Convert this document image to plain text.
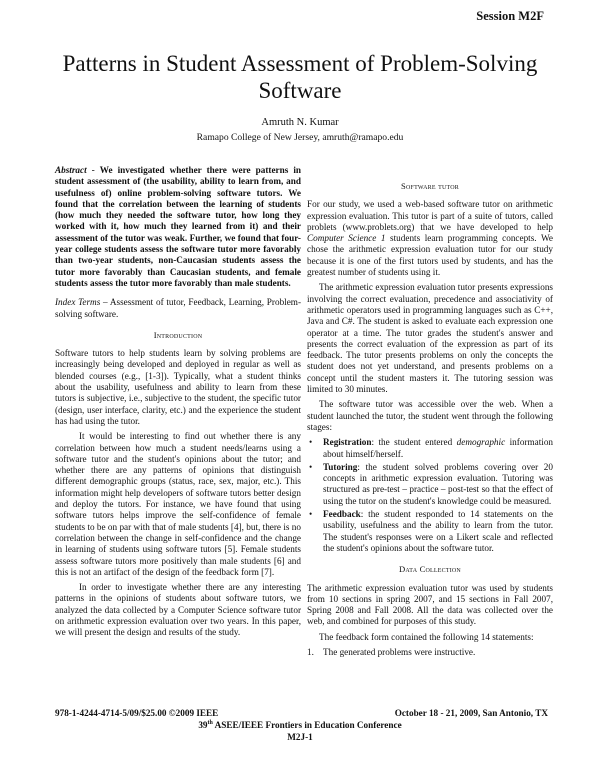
Session M2F
Patterns in Student Assessment of Problem-Solving Software
Amruth N. Kumar
Ramapo College of New Jersey, amruth@ramapo.edu

Abstract - We investigated whether there were patterns in student assessment of (the usability, ability to learn from, and usefulness of) online problem-solving software tutors. We found that the correlation between the learning of students (how much they needed the software tutor, how long they worked with it, how much they learned from it) and their assessment of the tutor was weak. Further, we found that four-year college students assess the software tutor more favorably than two-year students, non-Caucasian students assess the tutor more favorably than Caucasian students, and female students assess the tutor more favorably than male students.

Index Terms – Assessment of tutor, Feedback, Learning, Problem-solving software.

Introduction

Software tutors to help students learn by solving problems are increasingly being developed and deployed in regular as well as blended courses (e.g., [1-3]). Typically, what a student thinks about the usability, usefulness and ability to learn from these tutors is subjective, i.e., subjective to the student, the specific tutor (design, user interface, clarity, etc.) and the experience the student has had using the tutor.

It would be interesting to find out whether there is any correlation between how much a student needs/learns using a software tutor and the student's opinions about the tutor; and whether there are any patterns of opinions that distinguish different demographic groups (status, race, sex, major, etc.). This information might help developers of software tutors better design and deploy the tutors. For instance, we have found that using software tutors helps improve the self-confidence of female students to be on par with that of male students [4], but, there is no correlation between the change in self-confidence and the change in learning of students using software tutors [5]. Female students assess software tutors more positively than male students [6] and this is not an artifact of the design of the feedback form [7].

In order to investigate whether there are any interesting patterns in the opinions of students about software tutors, we analyzed the data collected by a Computer Science software tutor on arithmetic expression evaluation over two years. In this paper, we will present the design and results of the study.

Software tutor

For our study, we used a web-based software tutor on arithmetic expression evaluation. This tutor is part of a suite of tutors, called problets (www.problets.org) that we have developed to help Computer Science 1 students learn programming concepts. We chose the arithmetic expression evaluation tutor for our study because it is one of the first tutors used by students, and has the greatest number of students using it.

The arithmetic expression evaluation tutor presents expressions involving the correct evaluation, precedence and associativity of arithmetic operators used in programming languages such as C++, Java and C#. The student is asked to evaluate each expression one operator at a time. The tutor grades the student's answer and presents the correct evaluation of the expression as part of its feedback. The tutor presents problems on only the concepts the student does not yet understand, and presents problems on a concept until the student masters it. The tutoring session was limited to 30 minutes.

The software tutor was accessible over the web. When a student launched the tutor, the student went through the following stages:

• Registration: the student entered demographic information about himself/herself.
• Tutoring: the student solved problems covering over 20 concepts in arithmetic expression evaluation. Tutoring was structured as pre-test – practice – post-test so that the effect of using the tutor on the student's knowledge could be measured.
• Feedback: the student responded to 14 statements on the usability, usefulness and the ability to learn from the tutor. The student's responses were on a Likert scale and reflected the student's opinions about the software tutor.
Data Collection

The arithmetic expression evaluation tutor was used by students from 10 sections in spring 2007, and 15 sections in Fall 2007, Spring 2008 and Fall 2008. All the data was collected over the web, and combined for purposes of this study.

The feedback form contained the following 14 statements:

1. The generated problems were instructive.
978-1-4244-4714-5/09/$25.00 ©2009 IEEE	October 18 - 21, 2009, San Antonio, TX
39th ASEE/IEEE Frontiers in Education Conference
M2J-1
